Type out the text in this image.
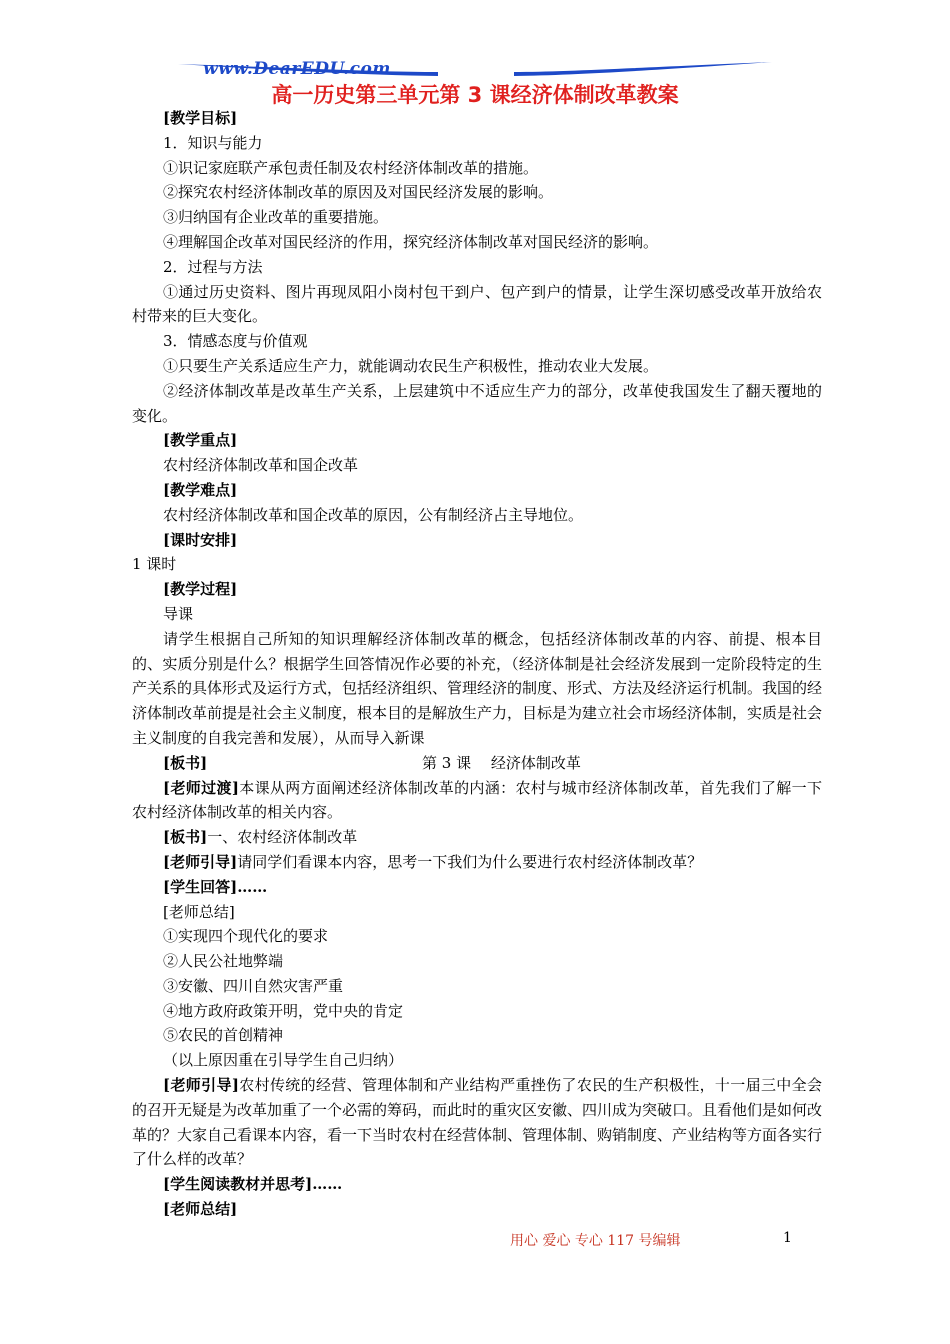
www.DearEDU.com
高一历史第三单元第 3 课经济体制改革教案
[教学目标]
1．知识与能力
①识记家庭联产承包责任制及农村经济体制改革的措施。
②探究农村经济体制改革的原因及对国民经济发展的影响。
③归纳国有企业改革的重要措施。
④理解国企改革对国民经济的作用，探究经济体制改革对国民经济的影响。
2．过程与方法
①通过历史资料、图片再现凤阳小岗村包干到户、包产到户的情景，让学生深切感受改革开放给农村带来的巨大变化。
3．情感态度与价值观
①只要生产关系适应生产力，就能调动农民生产积极性，推动农业大发展。
②经济体制改革是改革生产关系，上层建筑中不适应生产力的部分，改革使我国发生了翻天覆地的变化。
[教学重点]
农村经济体制改革和国企改革
[教学难点]
农村经济体制改革和国企改革的原因，公有制经济占主导地位。
[课时安排]
1 课时
[教学过程]
导课
请学生根据自己所知的知识理解经济体制改革的概念，包括经济体制改革的内容、前提、根本目的、实质分别是什么？根据学生回答情况作必要的补充，（经济体制是社会经济发展到一定阶段特定的生产关系的具体形式及运行方式，包括经济组织、管理经济的制度、形式、方法及经济运行机制。我国的经济体制改革前提是社会主义制度，根本目的是解放生产力，目标是为建立社会市场经济体制，实质是社会主义制度的自我完善和发展），从而导入新课
[板书]	第 3 课　 经济体制改革
[老师过渡]本课从两方面阐述经济体制改革的内涵：农村与城市经济体制改革，首先我们了解一下农村经济体制改革的相关内容。
[板书]一、农村经济体制改革
[老师引导]请同学们看课本内容，思考一下我们为什么要进行农村经济体制改革？
[学生回答]……
[老师总结]
①实现四个现代化的要求
②人民公社地弊端
③安徽、四川自然灾害严重
④地方政府政策开明，党中央的肯定
⑤农民的首创精神
（以上原因重在引导学生自己归纳）
[老师引导]农村传统的经营、管理体制和产业结构严重挫伤了农民的生产积极性，十一届三中全会的召开无疑是为改革加重了一个必需的筹码，而此时的重灾区安徽、四川成为突破口。且看他们是如何改革的？大家自己看课本内容，看一下当时农村在经营体制、管理体制、购销制度、产业结构等方面各实行了什么样的改革？
[学生阅读教材并思考]……
[老师总结]
用心 爱心 专心 117 号编辑	1
